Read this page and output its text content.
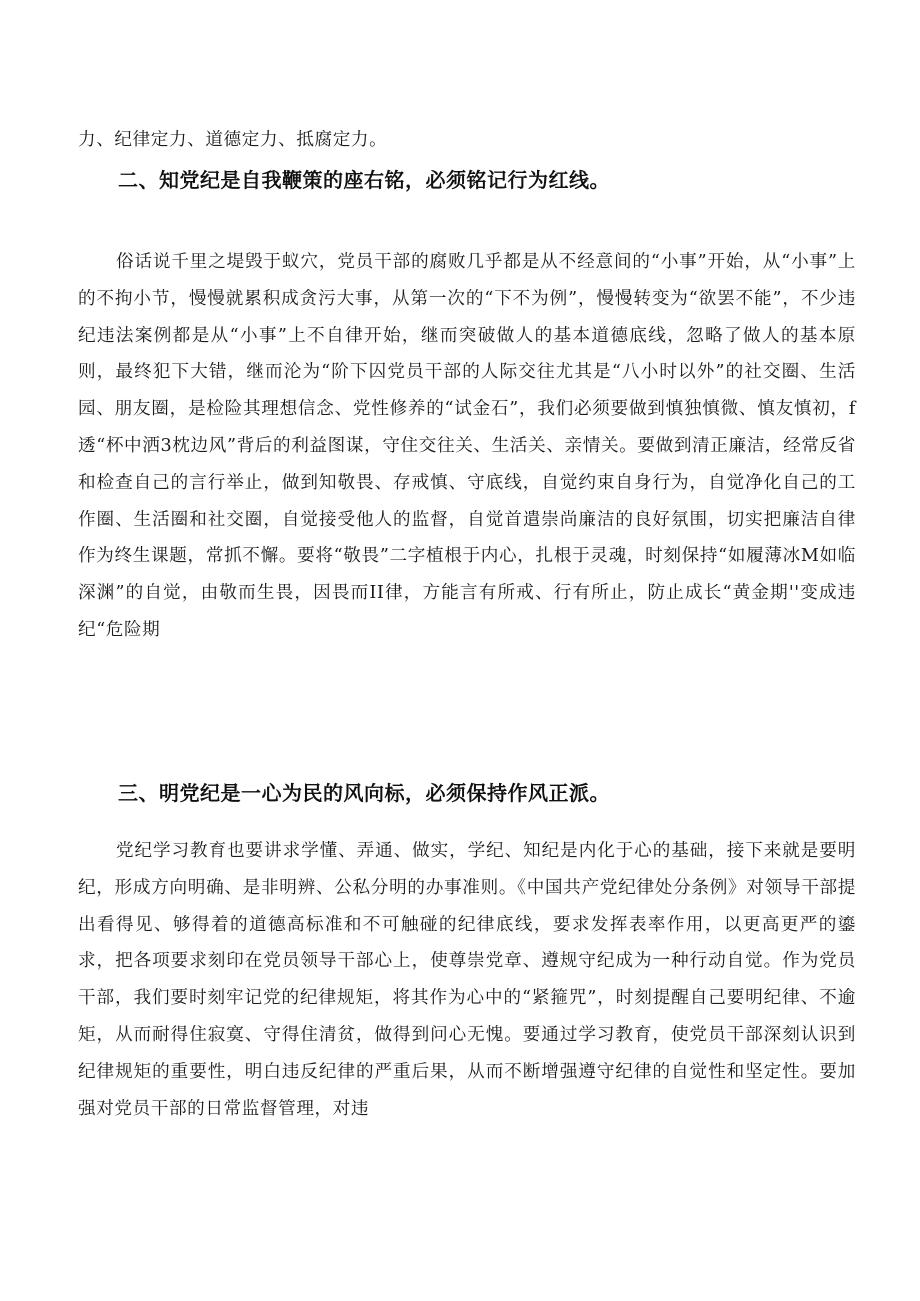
力、纪律定力、道德定力、抵腐定力。

二、知党纪是自我鞭策的座右铭，必须铭记行为红线。

俗话说千里之堤毁于蚁穴，党员干部的腐败几乎都是从不经意间的“小事”开始，从“小事”上的不拘小节，慢慢就累积成贪污大事，从第一次的“下不为例”，慢慢转变为“欲罢不能”，不少违纪违法案例都是从“小事”上不自律开始，继而突破做人的基本道德底线，忽略了做人的基本原则，最终犯下大错，继而沦为“阶下囚党员干部的人际交往尤其是“八小时以外”的社交圈、生活园、朋友圈，是检险其理想信念、党性修养的“试金石”，我们必须要做到慎独慎微、慎友慎初，f透“杯中洒3枕边风”背后的利益图谋，守住交往关、生活关、亲情关。要做到清正廉洁，经常反省和检查自己的言行举止，做到知敬畏、存戒慎、守底线，自觉约束自身行为，自觉净化自己的工作圈、生活圈和社交圈，自觉接受他人的监督，自觉首遣崇尚廉洁的良好氛围，切实把廉洁自律作为终生课题，常抓不懈。要将“敬畏”二字植根于内心，扎根于灵魂，时刻保持“如履薄冰M如临深渊”的自觉，由敬而生畏，因畏而II律，方能言有所戒、行有所止，防止成长“黄金期''变成违纪“危险期

三、明党纪是一心为民的风向标，必须保持作风正派。

党纪学习教育也要讲求学懂、弄通、做实，学纪、知纪是内化于心的基础，接下来就是要明纪，形成方向明确、是非明辨、公私分明的办事准则。《中国共产党纪律处分条例》对领导干部提出看得见、够得着的道德高标准和不可触碰的纪律底线，要求发挥表率作用，以更高更严的鎏求，把各项要求刻印在党员领导干部心上，使尊崇党章、遵规守纪成为一种行动自觉。作为党员干部，我们要时刻牢记党的纪律规矩，将其作为心中的“紧箍咒”，时刻提醒自己要明纪律、不逾矩，从而耐得住寂寞、守得住清贫，做得到问心无愧。要通过学习教育，使党员干部深刻认识到纪律规矩的重要性，明白违反纪律的严重后果，从而不断增强遵守纪律的自觉性和坚定性。要加强对党员干部的日常监督管理，对违
